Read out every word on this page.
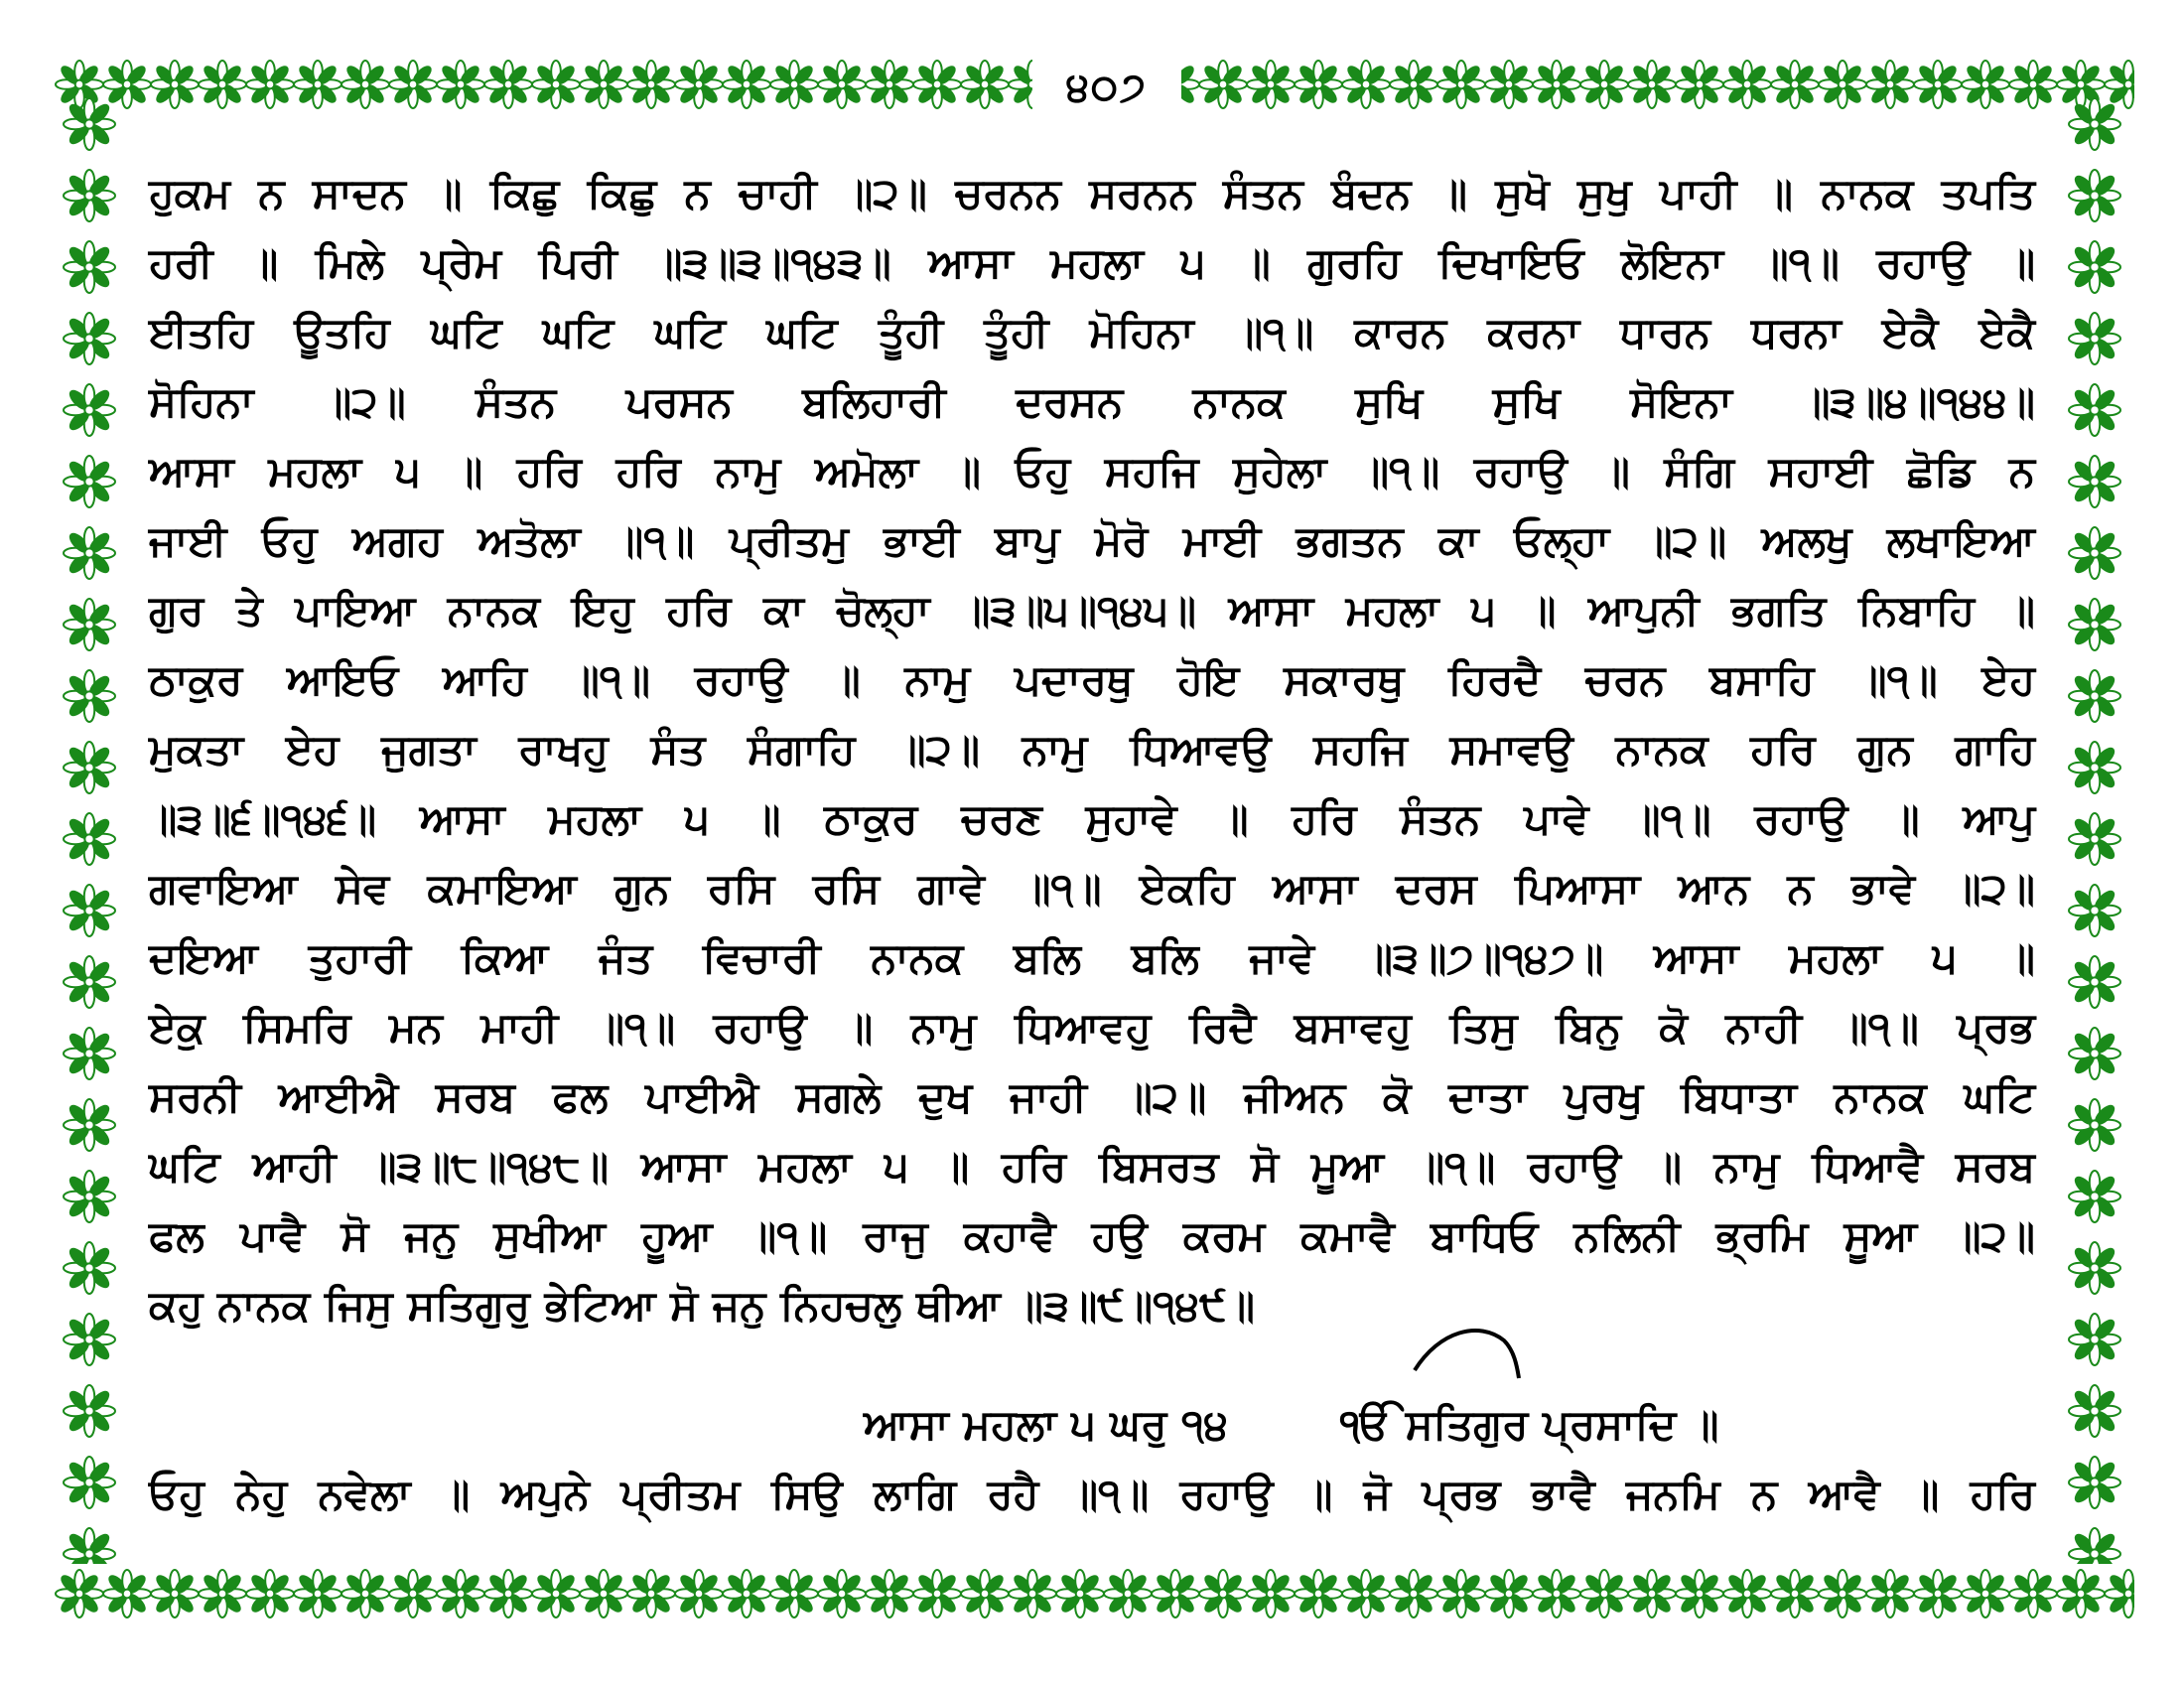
੪੦੭
ਹੁਕਮ ਨ ਸਾਦਨ ॥ ਕਿਛੁ ਕਿਛੁ ਨ ਚਾਹੀ ॥੨॥ ਚਰਨਨ ਸਰਨਨ ਸੰਤਨ ਬੰਦਨ ॥ ਸੁਖੋ ਸੁਖੁ ਪਾਹੀ ॥ ਨਾਨਕ ਤਪਤਿ
ਹਰੀ ॥ ਮਿਲੇ ਪ੍ਰੇਮ ਪਿਰੀ ॥੩॥੩॥੧੪੩॥ ਆਸਾ ਮਹਲਾ ੫ ॥ ਗੁਰਹਿ ਦਿਖਾਇਓ ਲੋਇਨਾ ॥੧॥ ਰਹਾਉ ॥
ਈਤਹਿ ਊਤਹਿ ਘਟਿ ਘਟਿ ਘਟਿ ਘਟਿ ਤੂੰਹੀ ਤੂੰਹੀ ਮੋਹਿਨਾ ॥੧॥ ਕਾਰਨ ਕਰਨਾ ਧਾਰਨ ਧਰਨਾ ਏਕੈ ਏਕੈ
ਸੋਹਿਨਾ ॥੨॥ ਸੰਤਨ ਪਰਸਨ ਬਲਿਹਾਰੀ ਦਰਸਨ ਨਾਨਕ ਸੁਖਿ ਸੁਖਿ ਸੋਇਨਾ ॥੩॥੪॥੧੪੪॥
ਆਸਾ ਮਹਲਾ ੫ ॥ ਹਰਿ ਹਰਿ ਨਾਮੁ ਅਮੋਲਾ ॥ ਓਹੁ ਸਹਜਿ ਸੁਹੇਲਾ ॥੧॥ ਰਹਾਉ ॥ ਸੰਗਿ ਸਹਾਈ ਛੋਡਿ ਨ
ਜਾਈ ਓਹੁ ਅਗਹ ਅਤੋਲਾ ॥੧॥ ਪ੍ਰੀਤਮੁ ਭਾਈ ਬਾਪੁ ਮੋਰੋ ਮਾਈ ਭਗਤਨ ਕਾ ਓਲ੍ਹਾ ॥੨॥ ਅਲਖੁ ਲਖਾਇਆ
ਗੁਰ ਤੇ ਪਾਇਆ ਨਾਨਕ ਇਹੁ ਹਰਿ ਕਾ ਚੋਲ੍ਹਾ ॥੩॥੫॥੧੪੫॥ ਆਸਾ ਮਹਲਾ ੫ ॥ ਆਪੁਨੀ ਭਗਤਿ ਨਿਬਾਹਿ ॥
ਠਾਕੁਰ ਆਇਓ ਆਹਿ ॥੧॥ ਰਹਾਉ ॥ ਨਾਮੁ ਪਦਾਰਥੁ ਹੋਇ ਸਕਾਰਥੁ ਹਿਰਦੈ ਚਰਨ ਬਸਾਹਿ ॥੧॥ ਏਹ
ਮੁਕਤਾ ਏਹ ਜੁਗਤਾ ਰਾਖਹੁ ਸੰਤ ਸੰਗਾਹਿ ॥੨॥ ਨਾਮੁ ਧਿਆਵਉ ਸਹਜਿ ਸਮਾਵਉ ਨਾਨਕ ਹਰਿ ਗੁਨ ਗਾਹਿ
॥੩॥੬॥੧੪੬॥ ਆਸਾ ਮਹਲਾ ੫ ॥ ਠਾਕੁਰ ਚਰਣ ਸੁਹਾਵੇ ॥ ਹਰਿ ਸੰਤਨ ਪਾਵੇ ॥੧॥ ਰਹਾਉ ॥ ਆਪੁ
ਗਵਾਇਆ ਸੇਵ ਕਮਾਇਆ ਗੁਨ ਰਸਿ ਰਸਿ ਗਾਵੇ ॥੧॥ ਏਕਹਿ ਆਸਾ ਦਰਸ ਪਿਆਸਾ ਆਨ ਨ ਭਾਵੇ ॥੨॥
ਦਇਆ ਤੁਹਾਰੀ ਕਿਆ ਜੰਤ ਵਿਚਾਰੀ ਨਾਨਕ ਬਲਿ ਬਲਿ ਜਾਵੇ ॥੩॥੭॥੧੪੭॥ ਆਸਾ ਮਹਲਾ ੫ ॥
ਏਕੁ ਸਿਮਰਿ ਮਨ ਮਾਹੀ ॥੧॥ ਰਹਾਉ ॥ ਨਾਮੁ ਧਿਆਵਹੁ ਰਿਦੈ ਬਸਾਵਹੁ ਤਿਸੁ ਬਿਨੁ ਕੋ ਨਾਹੀ ॥੧॥ ਪ੍ਰਭ
ਸਰਨੀ ਆਈਐ ਸਰਬ ਫਲ ਪਾਈਐ ਸਗਲੇ ਦੁਖ ਜਾਹੀ ॥੨॥ ਜੀਅਨ ਕੋ ਦਾਤਾ ਪੁਰਖੁ ਬਿਧਾਤਾ ਨਾਨਕ ਘਟਿ
ਘਟਿ ਆਹੀ ॥੩॥੮॥੧੪੮॥ ਆਸਾ ਮਹਲਾ ੫ ॥ ਹਰਿ ਬਿਸਰਤ ਸੋ ਮੂਆ ॥੧॥ ਰਹਾਉ ॥ ਨਾਮੁ ਧਿਆਵੈ ਸਰਬ
ਫਲ ਪਾਵੈ ਸੋ ਜਨੁ ਸੁਖੀਆ ਹੂਆ ॥੧॥ ਰਾਜੁ ਕਹਾਵੈ ਹਉ ਕਰਮ ਕਮਾਵੈ ਬਾਧਿਓ ਨਲਿਨੀ ਭ੍ਰਮਿ ਸੂਆ ॥੨॥
ਕਹੁ ਨਾਨਕ ਜਿਸੁ ਸਤਿਗੁਰੁ ਭੇਟਿਆ ਸੋ ਜਨੁ ਨਿਹਚਲੁ ਥੀਆ ॥੩॥੯॥੧੪੯॥
ਆਸਾ ਮਹਲਾ ੫ ਘਰੁ ੧੪	ੴ ਸਤਿਗੁਰ ਪ੍ਰਸਾਦਿ ॥
ਓਹੁ ਨੇਹੁ ਨਵੇਲਾ ॥ ਅਪੁਨੇ ਪ੍ਰੀਤਮ ਸਿਉ ਲਾਗਿ ਰਹੈ ॥੧॥ ਰਹਾਉ ॥ ਜੋ ਪ੍ਰਭ ਭਾਵੈ ਜਨਮਿ ਨ ਆਵੈ ॥ ਹਰਿ
